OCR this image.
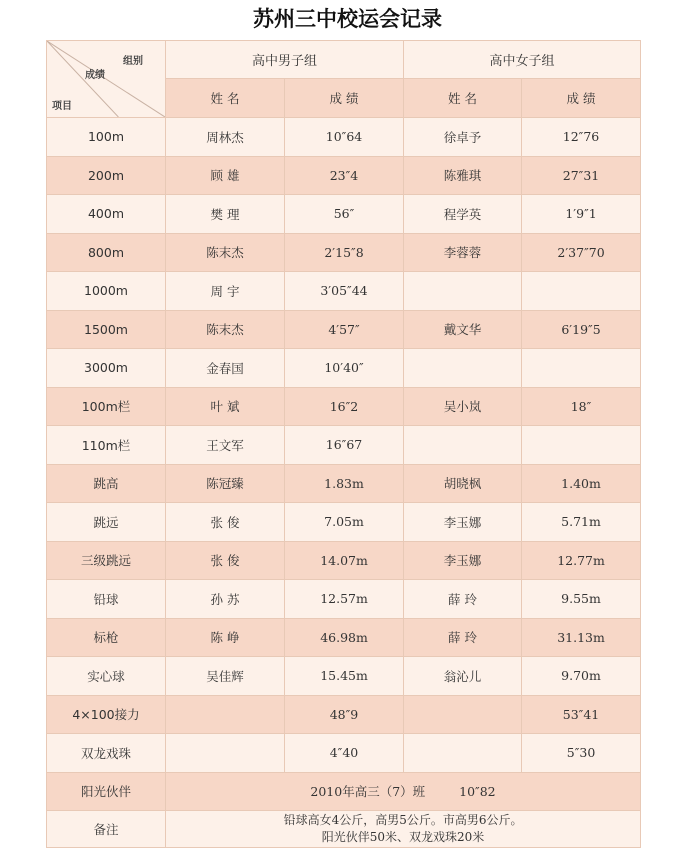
苏州三中校运会记录
组别
成绩
项目	高中男子组		高中女子组	
	姓 名	成 绩	姓 名	成 绩
100m	周林杰	10″64	徐卓予	12″76
200m	顾 雄	23″4	陈雅琪	27″31
400m	樊 理	56″	程学英	1′9″1
800m	陈末杰	2′15″8	李蓉蓉	2′37″70
1000m	周 宇	3′05″44		
1500m	陈末杰	4′57″	戴文华	6′19″5
3000m	金春国	10′40″		
100m栏	叶 斌	16″2	吴小岚	18″
110m栏	王文军	16″67		
跳高	陈冠臻	1.83m	胡晓枫	1.40m
跳远	张 俊	7.05m	李玉娜	5.71m
三级跳远	张 俊	14.07m	李玉娜	12.77m
铅球	孙 苏	12.57m	薛 玲	9.55m
标枪	陈 峥	46.98m	薛 玲	31.13m
实心球	吴佳辉	15.45m	翁沁儿	9.70m
4×100接力		48″9		53″41
双龙戏珠		4″40		5″30
阳光伙伴	2010年高三（7）班 10″82			
备注	铅球高女4公斤，高男5公斤。市高男6公斤。
阳光伙伴50米、双龙戏珠20米			
